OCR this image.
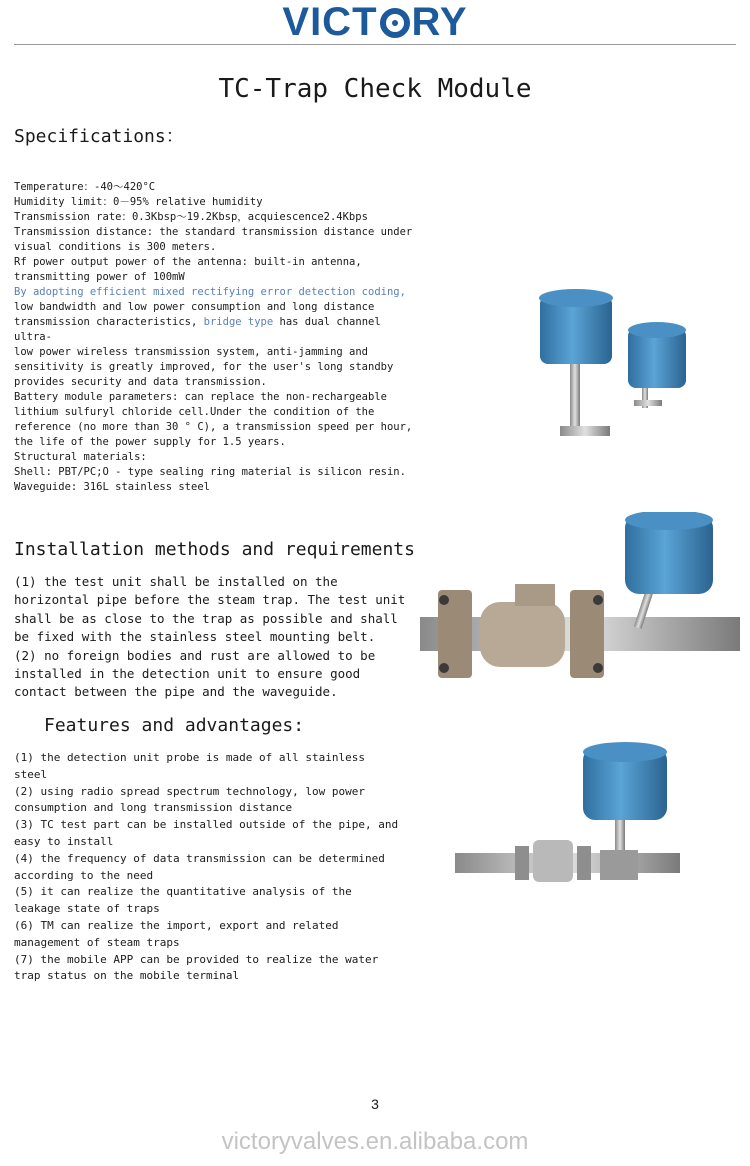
VICT RY
TC-Trap Check Module
Specifications：
Temperature：-40～420°C
Humidity limit：0－95% relative humidity
Transmission rate：0.3Kbsp～19.2Kbsp，acquiescence2.4Kbps
Transmission distance: the standard transmission distance under
visual conditions is 300 meters.
Rf power output power of the antenna: built-in antenna,
transmitting power of 100mW
By adopting efficient mixed rectifying error detection coding,
low bandwidth and low power consumption and long distance
transmission characteristics, bridge type has dual channel ultra-
low power wireless transmission system, anti-jamming and
sensitivity is greatly improved, for the user's long standby
provides security and data transmission.
Battery module parameters: can replace the non-rechargeable
lithium sulfuryl chloride cell.Under the condition of the
reference (no more than 30 ° C), a transmission speed per hour,
the life of the power supply for 1.5 years.
Structural materials:
Shell: PBT/PC;O - type sealing ring material is silicon resin.
Waveguide: 316L stainless steel
Installation methods and requirements
(1) the test unit shall be installed on the
horizontal pipe before the steam trap. The test unit
shall be as close to the trap as possible and shall
be fixed with the stainless steel mounting belt.
(2) no foreign bodies and rust are allowed to be
installed in the detection unit to ensure good
contact between the pipe and the waveguide.
Features and advantages:
(1) the detection unit probe is made of all stainless
steel
(2) using radio spread spectrum technology, low power
consumption and long transmission distance
(3) TC test part can be installed outside of the pipe, and
easy to install
(4) the frequency of data transmission can be determined
according to the need
(5) it can realize the quantitative analysis of the
leakage state of traps
(6) TM can realize the import, export and related
management of steam traps
(7) the mobile APP can be provided to realize the water
trap status on the mobile terminal
3
victoryvalves.en.alibaba.com
